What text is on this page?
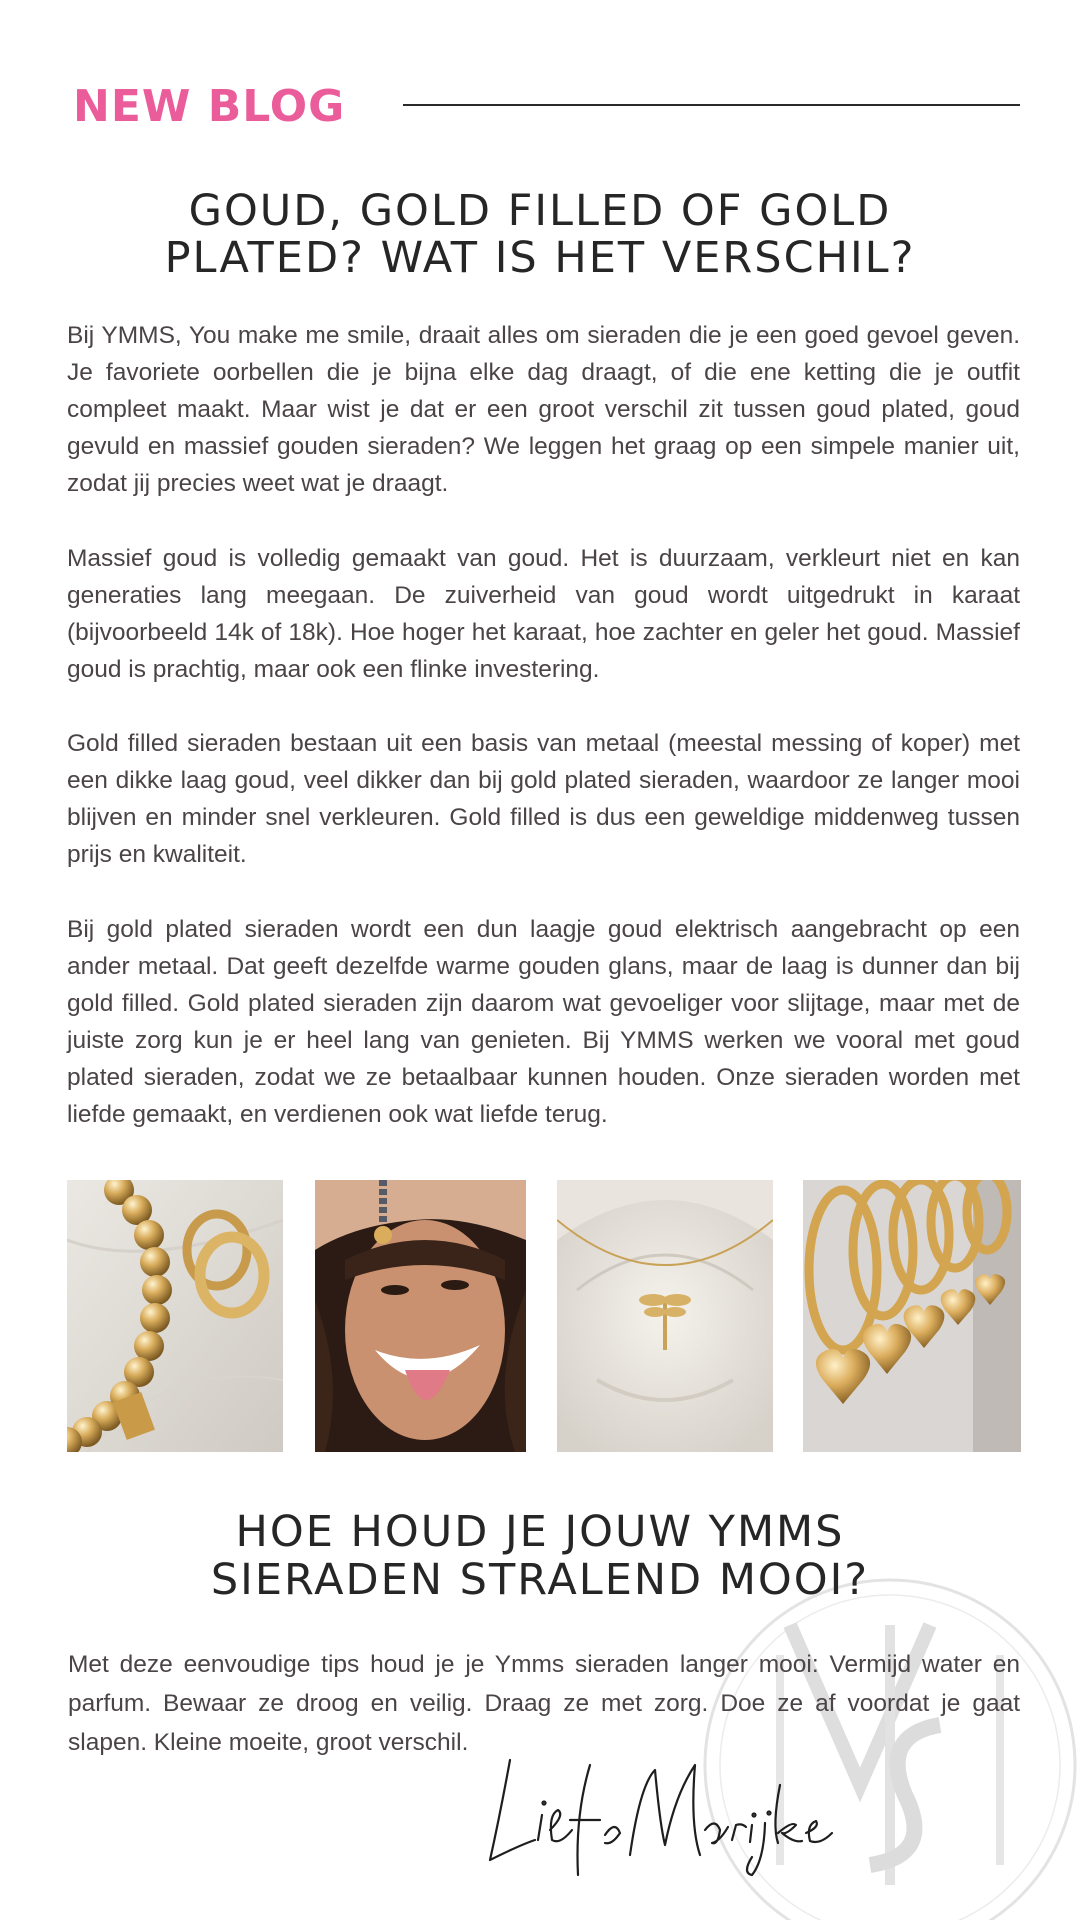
NEW BLOG
GOUD, GOLD FILLED OF GOLD
PLATED? WAT IS HET VERSCHIL?

Bij YMMS, You make me smile, draait alles om sieraden die je een goed gevoel geven. Je favoriete oorbellen die je bijna elke dag draagt, of die ene ketting die je outfit compleet maakt. Maar wist je dat er een groot verschil zit tussen goud plated, goud gevuld en massief gouden sieraden? We leggen het graag op een simpele manier uit, zodat jij precies weet wat je draagt.

Massief goud is volledig gemaakt van goud. Het is duurzaam, verkleurt niet en kan generaties lang meegaan. De zuiverheid van goud wordt uitgedrukt in karaat (bijvoorbeeld 14k of 18k). Hoe hoger het karaat, hoe zachter en geler het goud. Massief goud is prachtig, maar ook een flinke investering.

Gold filled sieraden bestaan uit een basis van metaal (meestal messing of koper) met een dikke laag goud, veel dikker dan bij gold plated sieraden, waardoor ze langer mooi blijven en minder snel verkleuren. Gold filled is dus een geweldige middenweg tussen prijs en kwaliteit.

Bij gold plated sieraden wordt een dun laagje goud elektrisch aangebracht op een ander metaal. Dat geeft dezelfde warme gouden glans, maar de laag is dunner dan bij gold filled. Gold plated sieraden zijn daarom wat gevoeliger voor slijtage, maar met de juiste zorg kun je er heel lang van genieten. Bij YMMS werken we vooral met goud plated sieraden, zodat we ze betaalbaar kunnen houden. Onze sieraden worden met liefde gemaakt, en verdienen ook wat liefde terug.

HOE HOUD JE JOUW YMMS
SIERADEN STRALEND MOOI?

Met deze eenvoudige tips houd je je Ymms sieraden langer mooi: Vermijd water en parfum. Bewaar ze droog en veilig. Draag ze met zorg. Doe ze af voordat je gaat slapen. Kleine moeite, groot verschil.
